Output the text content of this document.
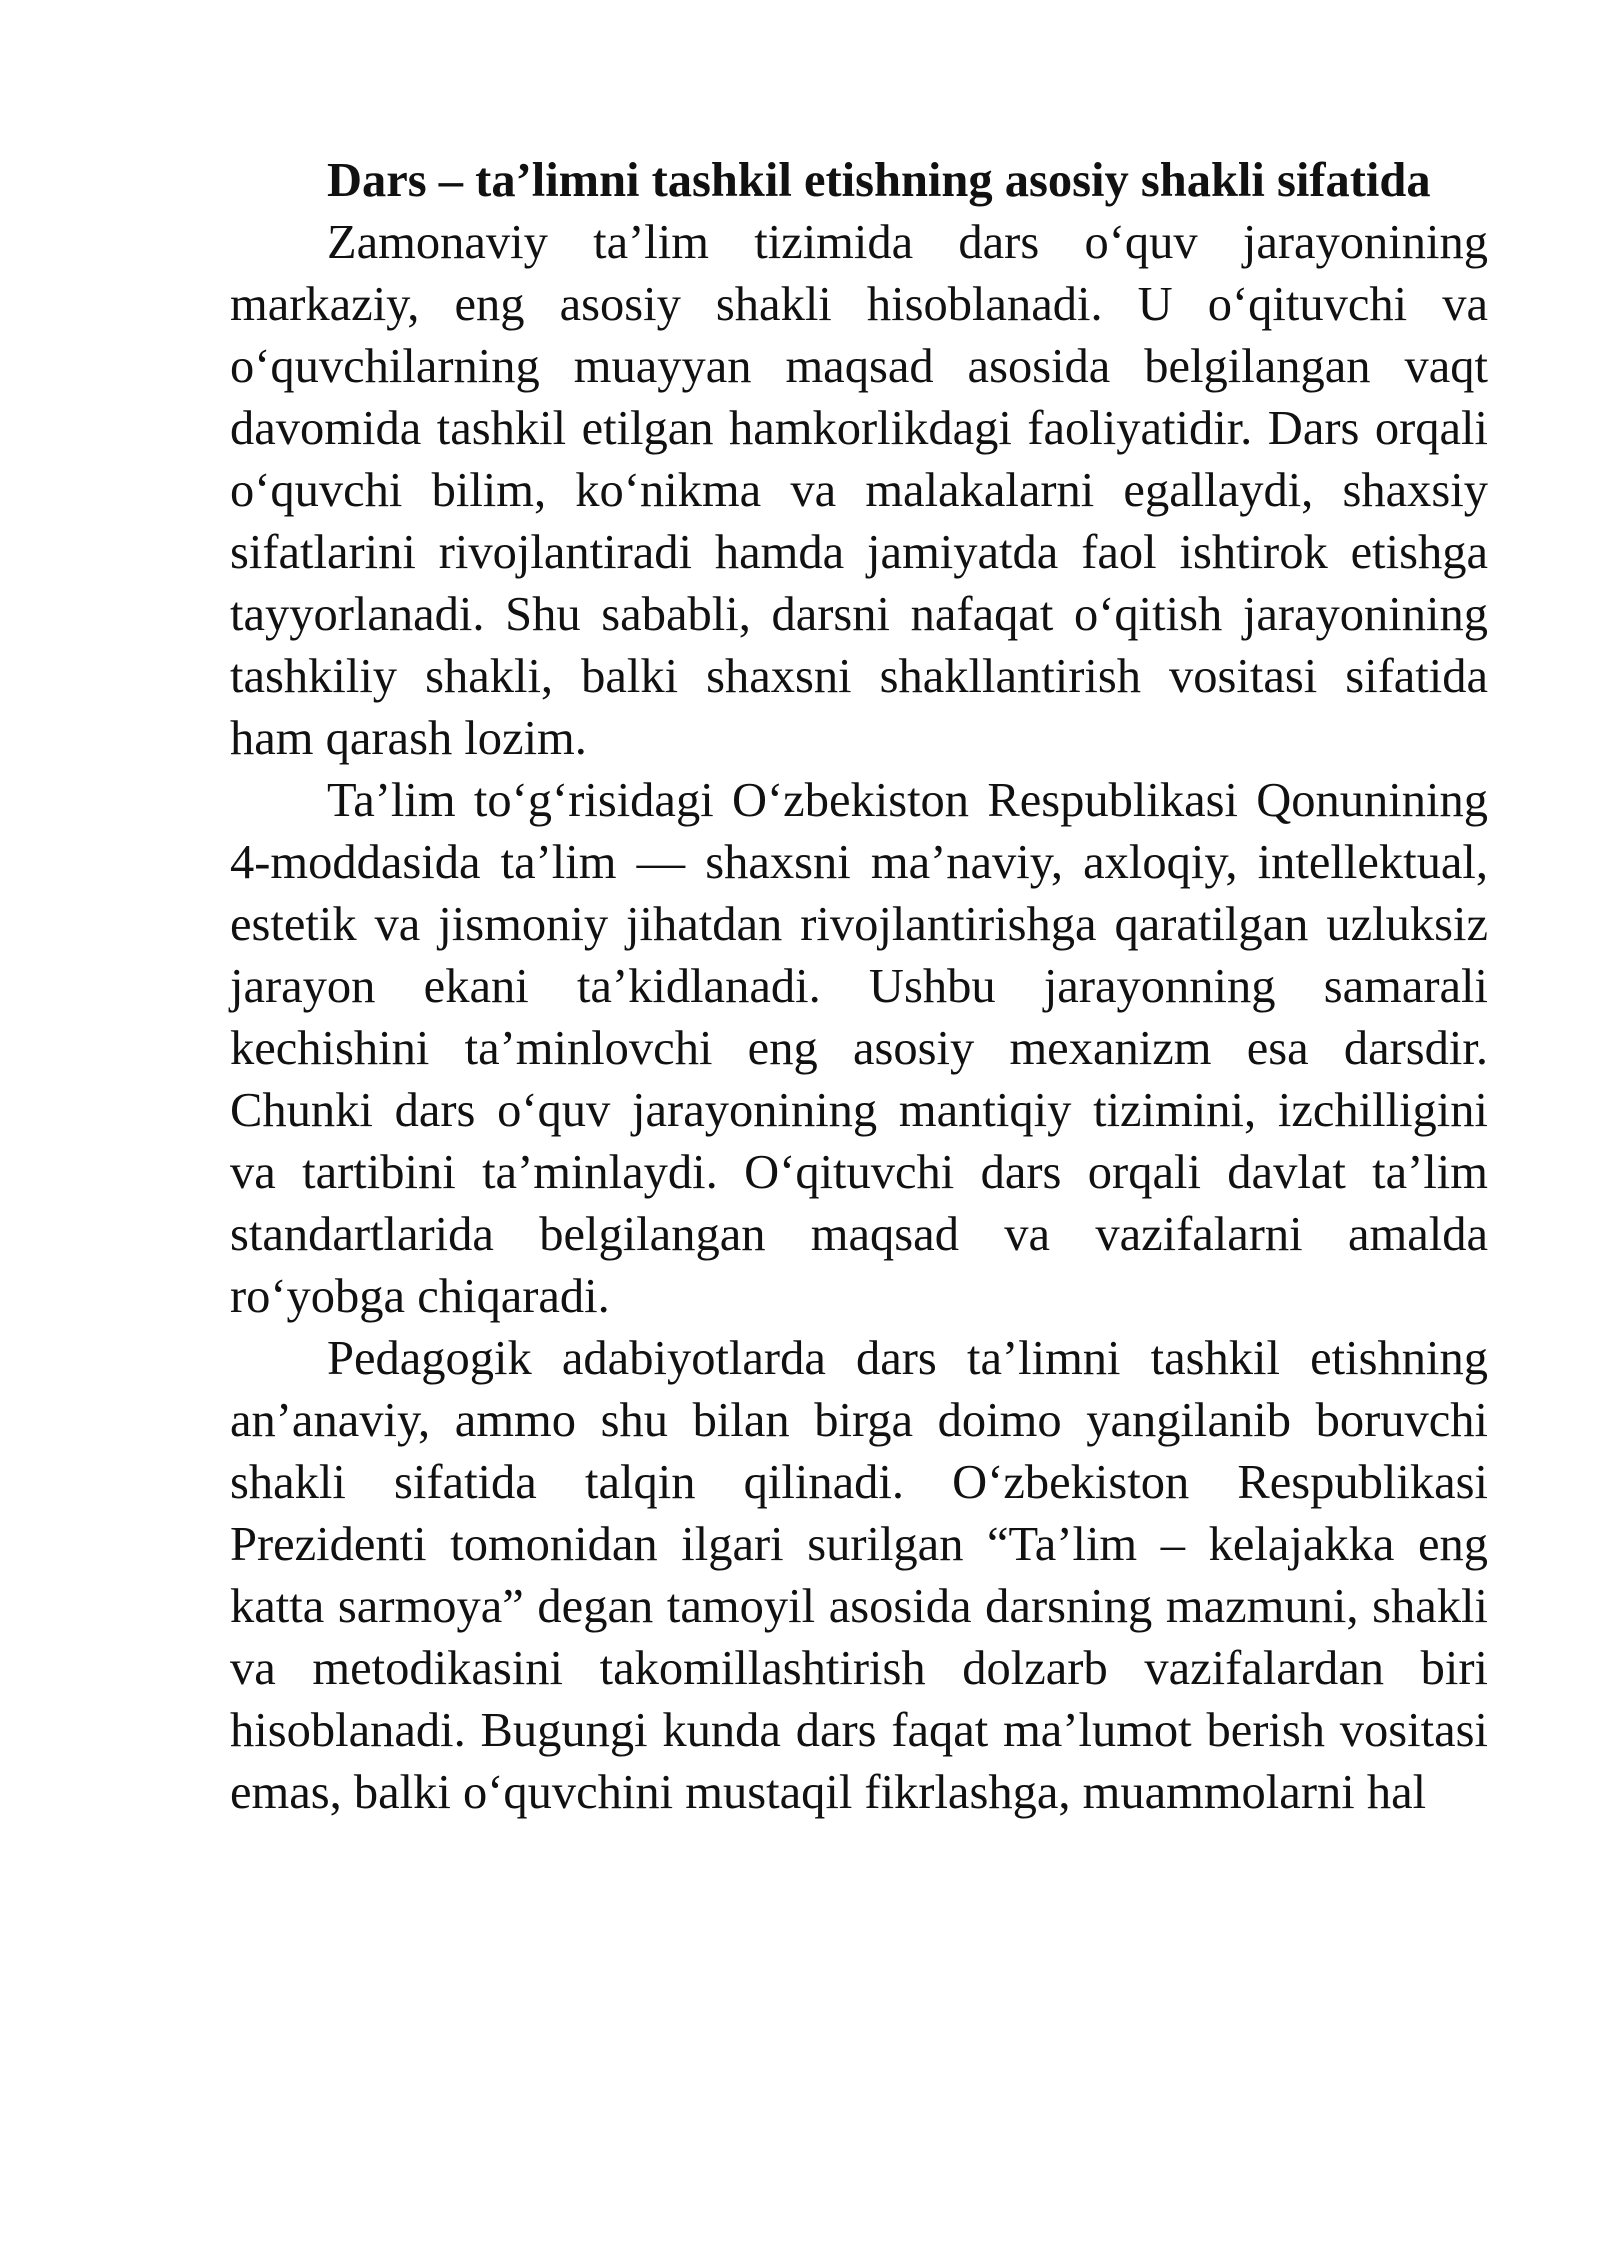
Dars – ta’limni tashkil etishning asosiy shakli sifatida

Zamonaviy ta’lim tizimida dars o‘quv jarayonining markaziy, eng asosiy shakli hisoblanadi. U o‘qituvchi va o‘quvchilarning muayyan maqsad asosida belgilangan vaqt davomida tashkil etilgan hamkorlikdagi faoliyatidir. Dars orqali o‘quvchi bilim, ko‘nikma va malakalarni egallaydi, shaxsiy sifatlarini rivojlantiradi hamda jamiyatda faol ishtirok etishga tayyorlanadi. Shu sababli, darsni nafaqat o‘qitish jarayonining tashkiliy shakli, balki shaxsni shakllantirish vositasi sifatida ham qarash lozim.

Ta’lim to‘g‘risidagi O‘zbekiston Respublikasi Qonunining 4-moddasida ta’lim — shaxsni ma’naviy, axloqiy, intellektual, estetik va jismoniy jihatdan rivojlantirishga qaratilgan uzluksiz jarayon ekani ta’kidlanadi. Ushbu jarayonning samarali kechishini ta’minlovchi eng asosiy mexanizm esa darsdir. Chunki dars o‘quv jarayonining mantiqiy tizimini, izchilligini va tartibini ta’minlaydi. O‘qituvchi dars orqali davlat ta’lim standartlarida belgilangan maqsad va vazifalarni amalda ro‘yobga chiqaradi.

Pedagogik adabiyotlarda dars ta’limni tashkil etishning an’anaviy, ammo shu bilan birga doimo yangilanib boruvchi shakli sifatida talqin qilinadi. O‘zbekiston Respublikasi Prezidenti tomonidan ilgari surilgan “Ta’lim – kelajakka eng katta sarmoya” degan tamoyil asosida darsning mazmuni, shakli va metodikasini takomillashtirish dolzarb vazifalardan biri hisoblanadi. Bugungi kunda dars faqat ma’lumot berish vositasi emas, balki o‘quvchini mustaqil fikrlashga, muammolarni hal
